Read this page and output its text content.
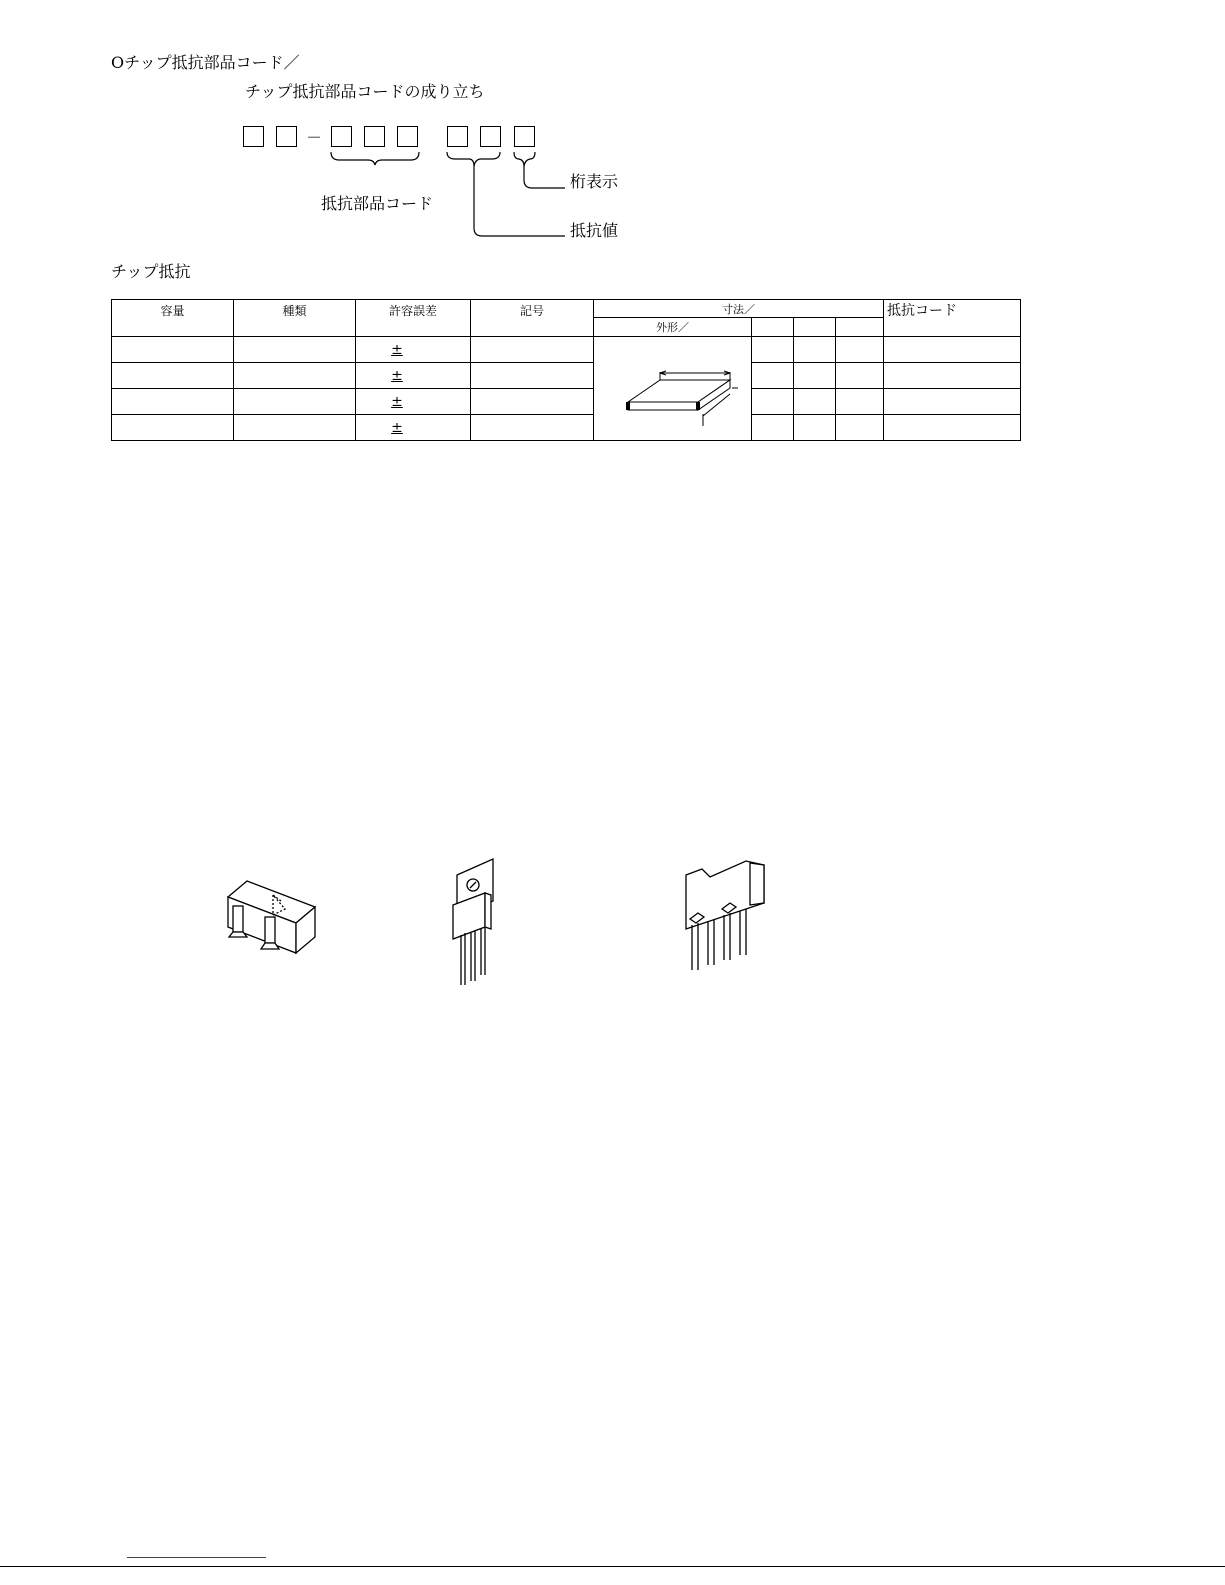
Oチップ抵抗部品コード／
チップ抵抗部品コードの成り立ち
－
抵抗部品コード
桁表示
抵抗値
チップ抵抗
容量	種類	許容誤差	記号	寸法／				抵抗コード
				外形／				
		±						
		±						
		±						
		±						
